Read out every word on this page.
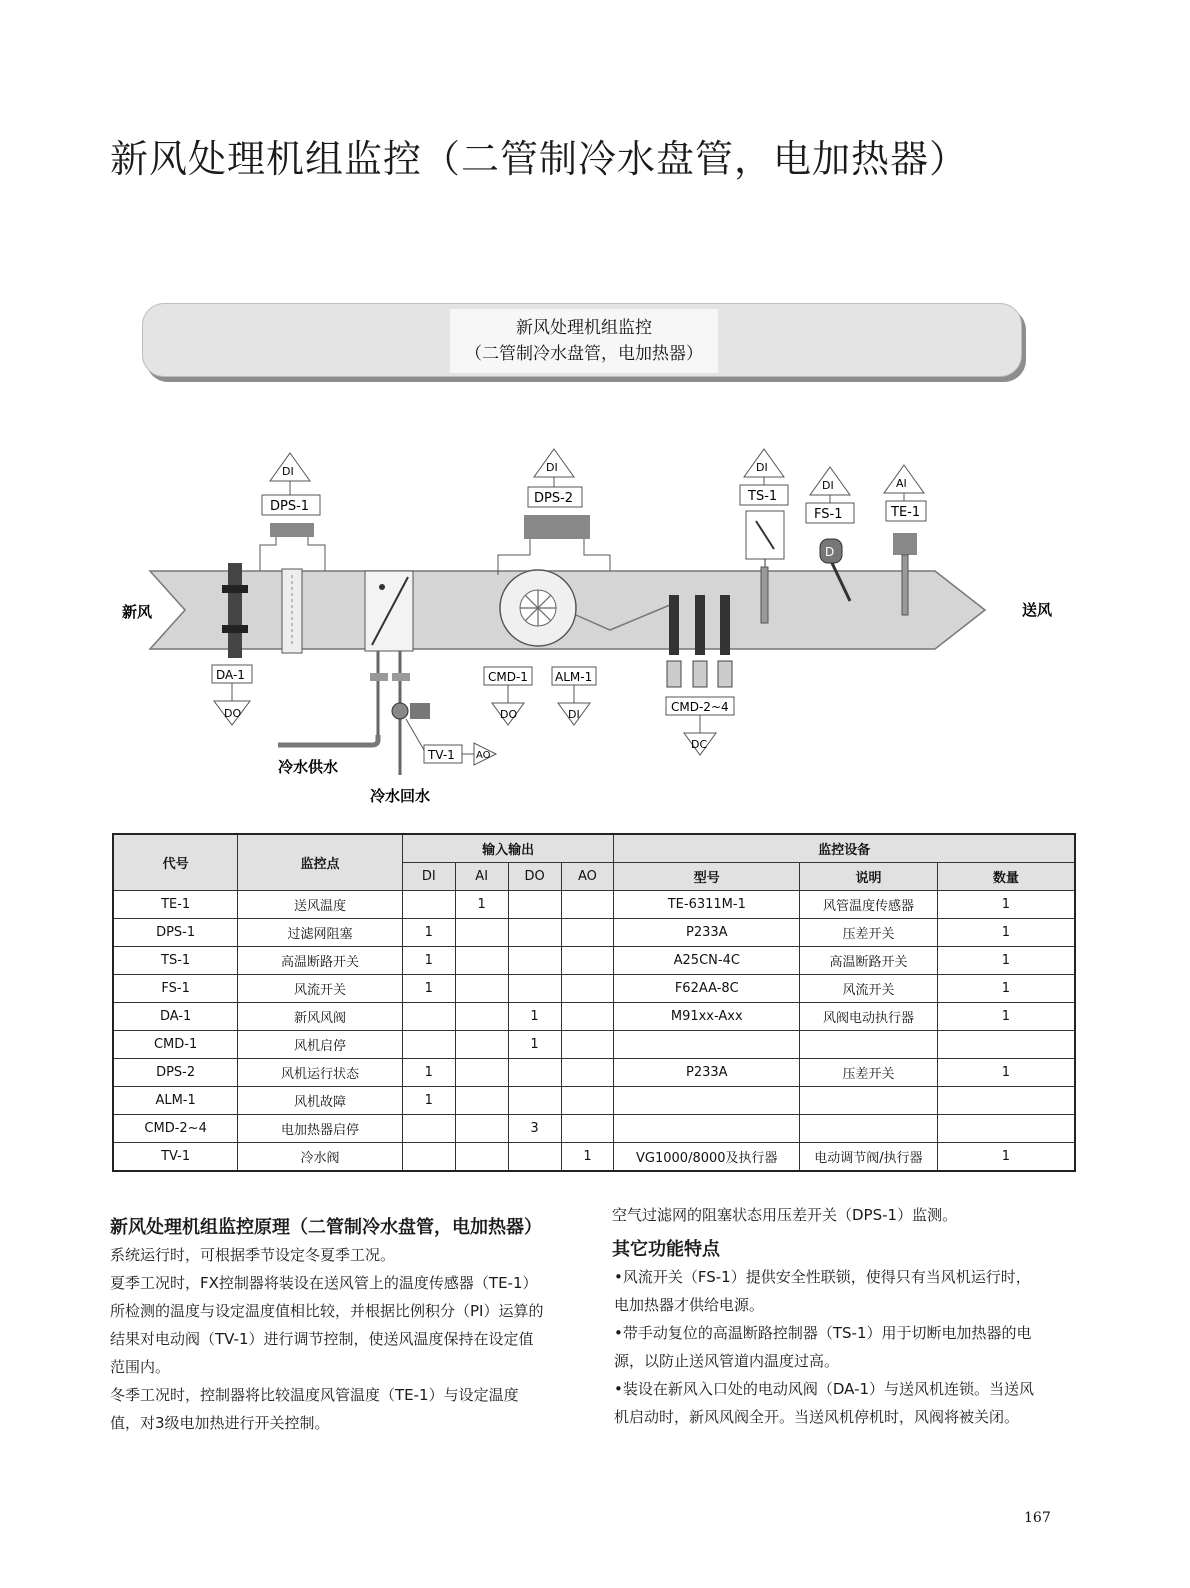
新风处理机组监控（二管制冷水盘管，电加热器）
新风处理机组监控
（二管制冷水盘管，电加热器）
DI
DPS-1
DI
DPS-2
DI
TS-1
DI
FS-1
D
AI
TE-1
DA-1
DO
CMD-1
DO
ALM-1
DI
CMD-2~4
DC
TV-1 AO
新风	送风
冷水供水
冷水回水
代号	监控点	输入输出				监控设备		
		DI	AI	DO	AO	型号	说明	数量
TE-1	送风温度		1			TE-6311M-1	风管温度传感器	1
DPS-1	过滤网阻塞	1				P233A	压差开关	1
TS-1	高温断路开关	1				A25CN-4C	高温断路开关	1
FS-1	风流开关	1				F62AA-8C	风流开关	1
DA-1	新风风阀			1		M91xx-Axx	风阀电动执行器	1
CMD-1	风机启停			1				
DPS-2	风机运行状态	1				P233A	压差开关	1
ALM-1	风机故障	1						
CMD-2~4	电加热器启停			3				
TV-1	冷水阀				1	VG1000/8000及执行器	电动调节阀/执行器	1
新风处理机组监控原理（二管制冷水盘管，电加热器）
系统运行时，可根据季节设定冬夏季工况。
夏季工况时，FX控制器将装设在送风管上的温度传感器（TE-1）
所检测的温度与设定温度值相比较，并根据比例积分（PI）运算的
结果对电动阀（TV-1）进行调节控制，使送风温度保持在设定值
范围内。
冬季工况时，控制器将比较温度风管温度（TE-1）与设定温度
值，对3级电加热进行开关控制。
空气过滤网的阻塞状态用压差开关（DPS-1）监测。
其它功能特点
•风流开关（FS-1）提供安全性联锁，使得只有当风机运行时，
电加热器才供给电源。
•带手动复位的高温断路控制器（TS-1）用于切断电加热器的电
源，以防止送风管道内温度过高。
•装设在新风入口处的电动风阀（DA-1）与送风机连锁。当送风
机启动时，新风风阀全开。当送风机停机时，风阀将被关闭。
167
